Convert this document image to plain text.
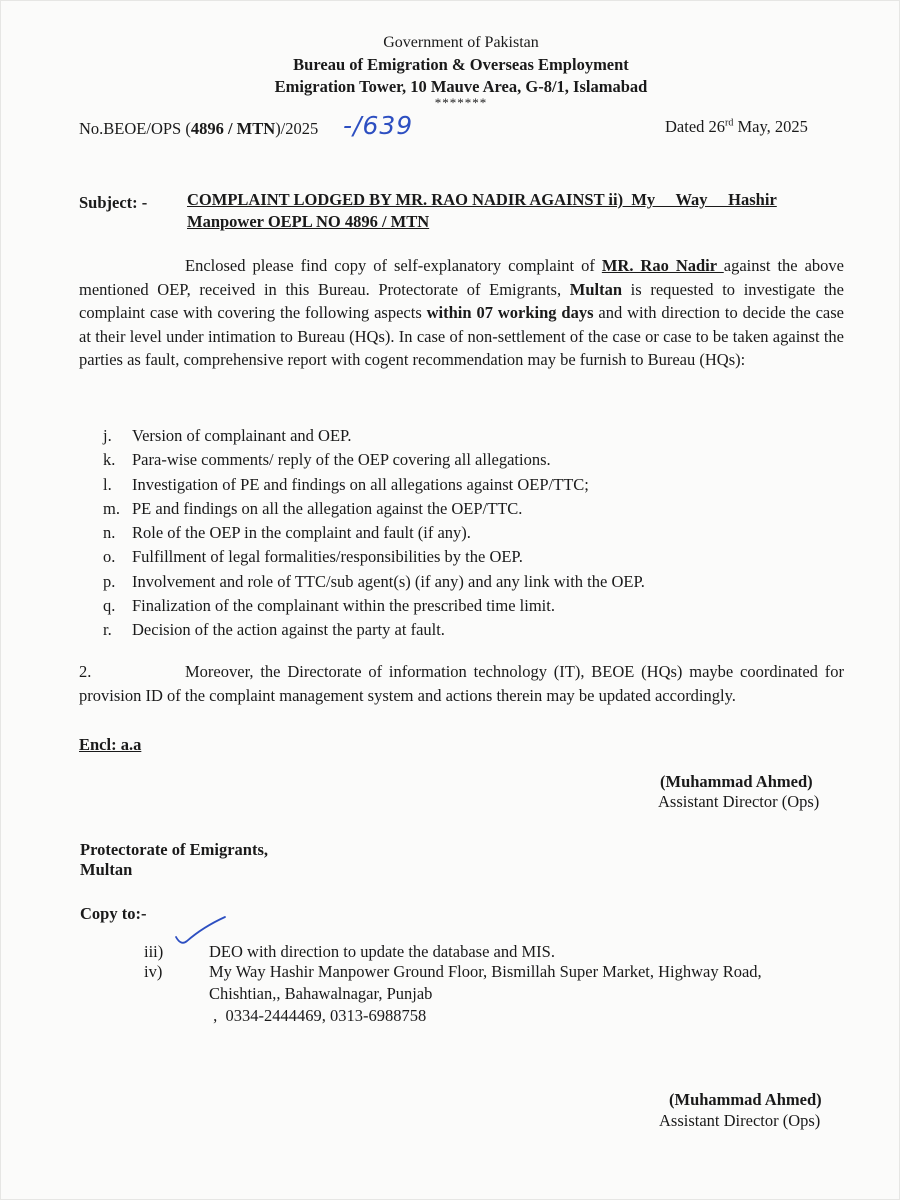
Government of Pakistan
Bureau of Emigration & Overseas Employment
Emigration Tower, 10 Mauve Area, G-8/1, Islamabad
*******
No.BEOE/OPS (4896 / MTN)/2025 -/639	Dated 26rd May, 2025
Subject: - COMPLAINT LODGED BY MR. RAO NADIR AGAINST ii)  My     Way     Hashir
Manpower OEPL NO 4896 / MTN
Enclosed please find copy of self-explanatory complaint of MR. Rao Nadir against the above mentioned OEP, received in this Bureau. Protectorate of Emigrants, Multan is requested to investigate the complaint case with covering the following aspects within 07 working days and with direction to decide the case at their level under intimation to Bureau (HQs). In case of non-settlement of the case or case to be taken against the parties as fault, comprehensive report with cogent recommendation may be furnish to Bureau (HQs):
j. Version of complainant and OEP.
k. Para-wise comments/ reply of the OEP covering all allegations.
l. Investigation of PE and findings on all allegations against OEP/TTC;
m. PE and findings on all the allegation against the OEP/TTC.
n. Role of the OEP in the complaint and fault (if any).
o. Fulfillment of legal formalities/responsibilities by the OEP.
p. Involvement and role of TTC/sub agent(s) (if any) and any link with the OEP.
q. Finalization of the complainant within the prescribed time limit.
r. Decision of the action against the party at fault.
2.	Moreover, the Directorate of information technology (IT), BEOE (HQs) maybe coordinated for provision ID of the complaint management system and actions therein may be updated accordingly.
Encl: a.a
(Muhammad Ahmed)
Assistant Director (Ops)
Protectorate of Emigrants,
Multan
Copy to:-
iii)	DEO with direction to update the database and MIS.
iv)	My Way Hashir Manpower Ground Floor, Bismillah Super Market, Highway Road,
Chishtian,, Bahawalnagar, Punjab
,  0334-2444469, 0313-6988758
(Muhammad Ahmed)
Assistant Director (Ops)
